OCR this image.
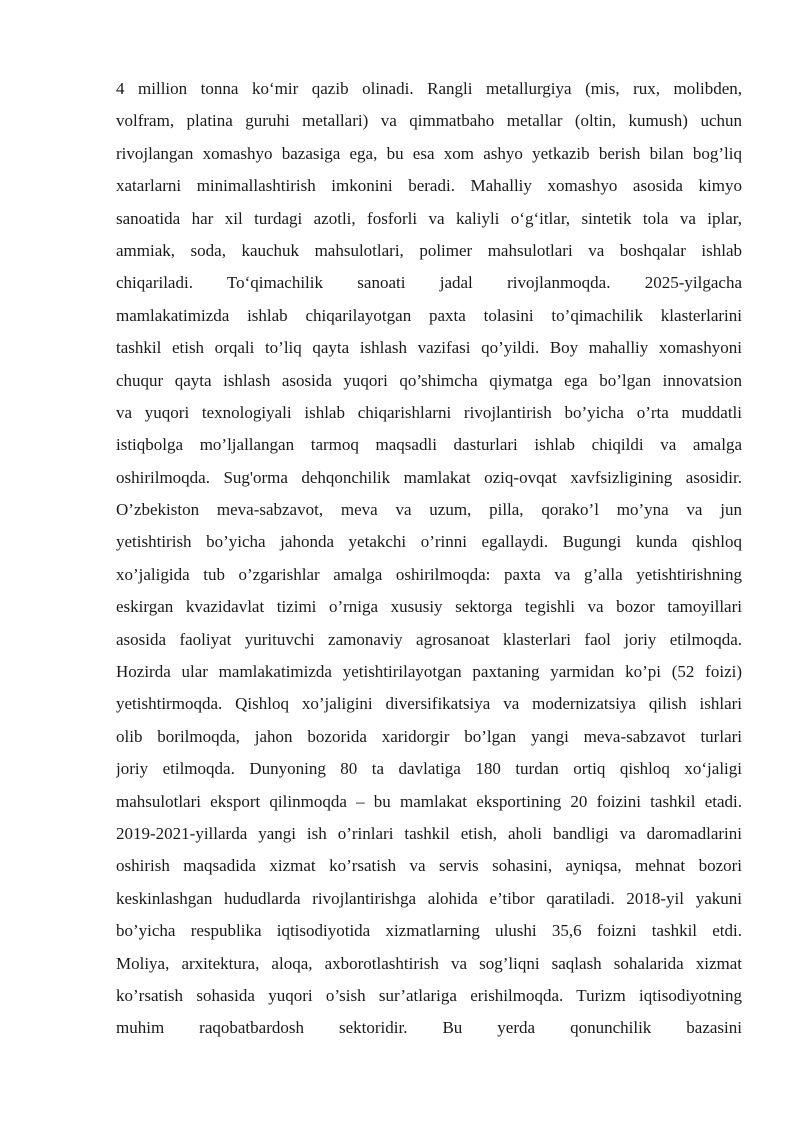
4 million tonna ko‘mir qazib olinadi. Rangli metallurgiya (mis, rux, molibden,
volfram, platina guruhi metallari) va qimmatbaho metallar (oltin, kumush) uchun
rivojlangan xomashyo bazasiga ega, bu esa xom ashyo yetkazib berish bilan bog’liq
xatarlarni minimallashtirish imkonini beradi. Mahalliy xomashyo asosida kimyo
sanoatida har xil turdagi azotli, fosforli va kaliyli o‘g‘itlar, sintetik tola va iplar,
ammiak, soda, kauchuk mahsulotlari, polimer mahsulotlari va boshqalar ishlab
chiqariladi. To‘qimachilik sanoati jadal rivojlanmoqda. 2025-yilgacha
mamlakatimizda ishlab chiqarilayotgan paxta tolasini to’qimachilik klasterlarini
tashkil etish orqali to’liq qayta ishlash vazifasi qo’yildi. Boy mahalliy xomashyoni
chuqur qayta ishlash asosida yuqori qo’shimcha qiymatga ega bo’lgan innovatsion
va yuqori texnologiyali ishlab chiqarishlarni rivojlantirish bo’yicha o’rta muddatli
istiqbolga mo’ljallangan tarmoq maqsadli dasturlari ishlab chiqildi va amalga
oshirilmoqda. Sug'orma dehqonchilik mamlakat oziq-ovqat xavfsizligining asosidir.
O’zbekiston meva-sabzavot, meva va uzum, pilla, qorako’l mo’yna va jun
yetishtirish bo’yicha jahonda yetakchi o’rinni egallaydi. Bugungi kunda qishloq
xo’jaligida tub o’zgarishlar amalga oshirilmoqda: paxta va g’alla yetishtirishning
eskirgan kvazidavlat tizimi o’rniga xususiy sektorga tegishli va bozor tamoyillari
asosida faoliyat yurituvchi zamonaviy agrosanoat klasterlari faol joriy etilmoqda.
Hozirda ular mamlakatimizda yetishtirilayotgan paxtaning yarmidan ko’pi (52 foizi)
yetishtirmoqda. Qishloq xo’jaligini diversifikatsiya va modernizatsiya qilish ishlari
olib borilmoqda, jahon bozorida xaridorgir bo’lgan yangi meva-sabzavot turlari
joriy etilmoqda. Dunyoning 80 ta davlatiga 180 turdan ortiq qishloq xo‘jaligi
mahsulotlari eksport qilinmoqda – bu mamlakat eksportining 20 foizini tashkil etadi.
2019-2021-yillarda yangi ish o’rinlari tashkil etish, aholi bandligi va daromadlarini
oshirish maqsadida xizmat ko’rsatish va servis sohasini, ayniqsa, mehnat bozori
keskinlashgan hududlarda rivojlantirishga alohida e’tibor qaratiladi. 2018-yil yakuni
bo’yicha respublika iqtisodiyotida xizmatlarning ulushi 35,6 foizni tashkil etdi.
Moliya, arxitektura, aloqa, axborotlashtirish va sog’liqni saqlash sohalarida xizmat
ko’rsatish sohasida yuqori o’sish sur’atlariga erishilmoqda. Turizm iqtisodiyotning
muhim raqobatbardosh sektoridir. Bu yerda qonunchilik bazasini
